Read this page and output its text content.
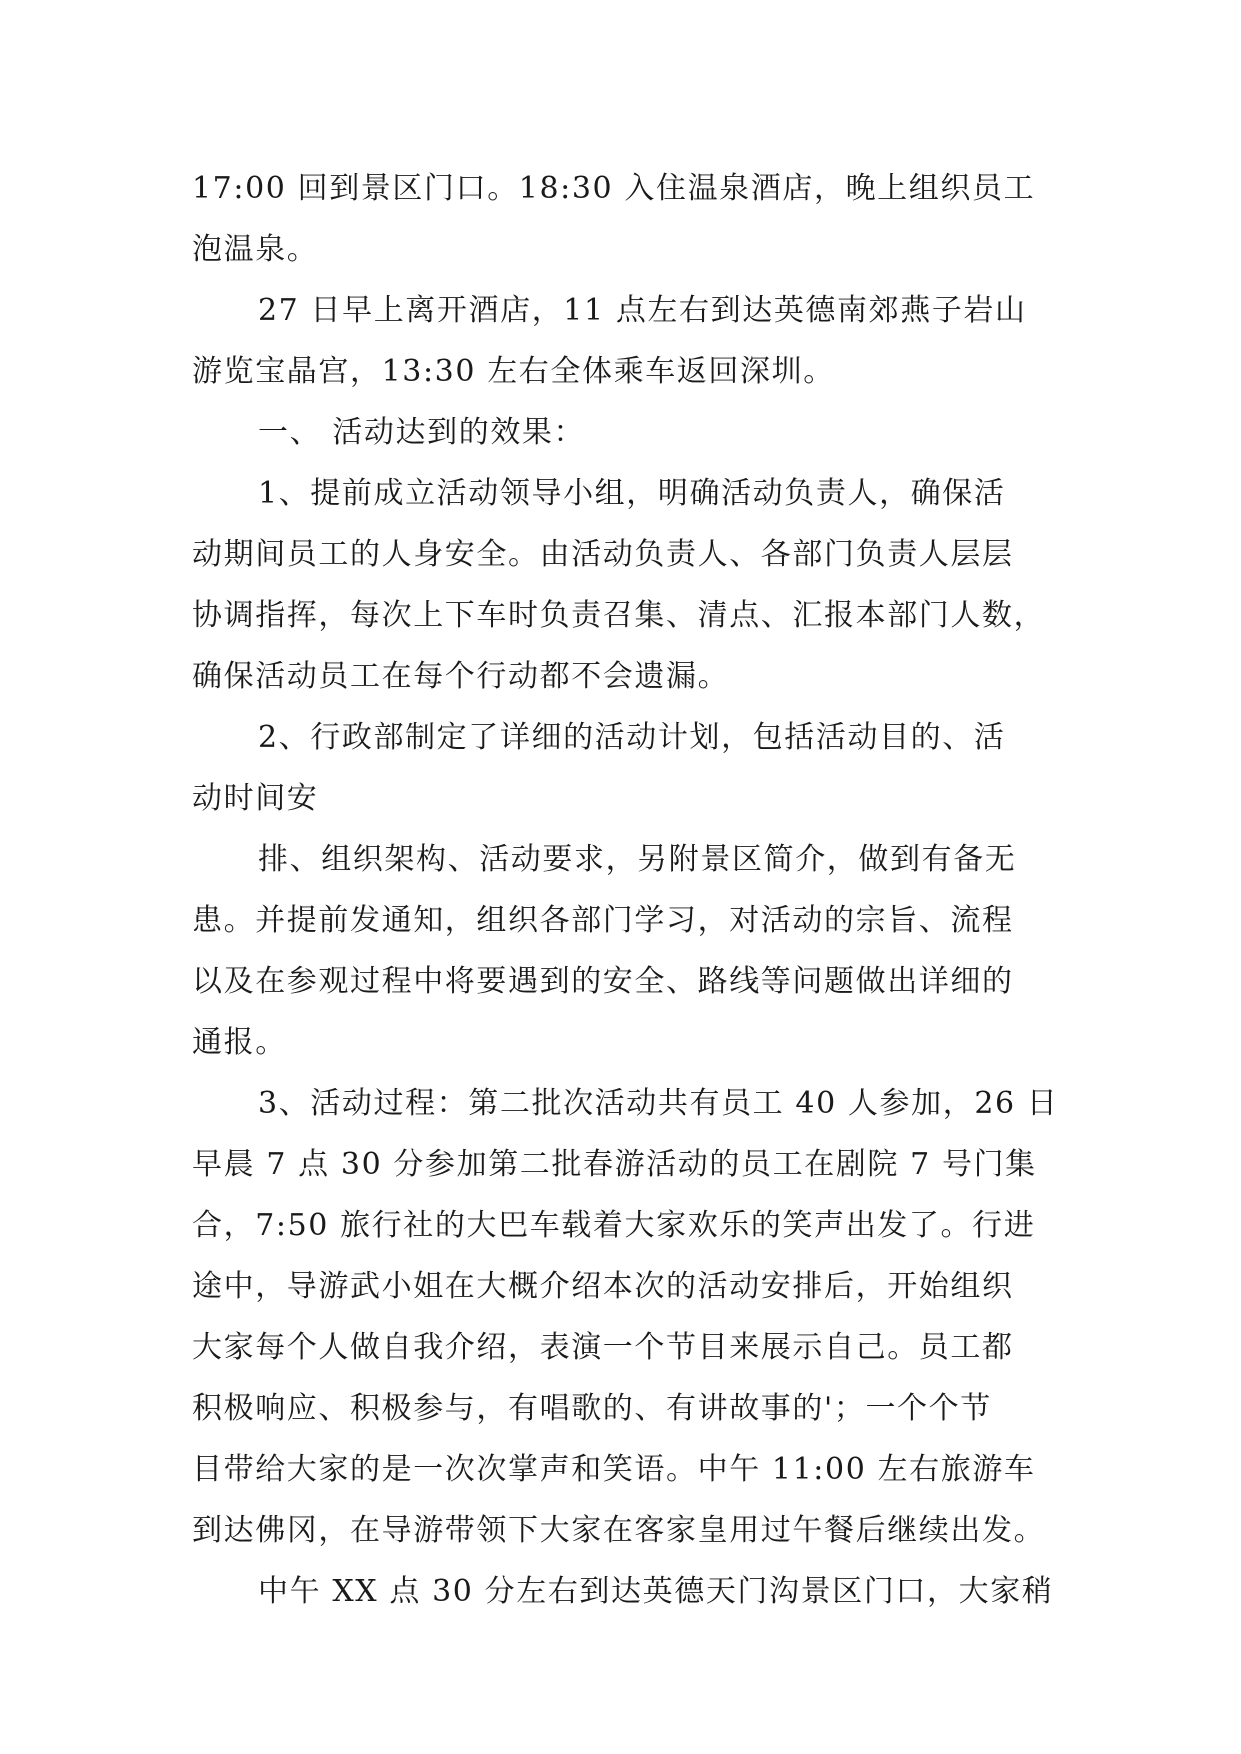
17:00 回到景区门口。18:30 入住温泉酒店，晚上组织员工
泡温泉。
27 日早上离开酒店，11 点左右到达英德南郊燕子岩山
游览宝晶宫，13:30 左右全体乘车返回深圳。
一、 活动达到的效果：
1、提前成立活动领导小组，明确活动负责人，确保活
动期间员工的人身安全。由活动负责人、各部门负责人层层
协调指挥，每次上下车时负责召集、清点、汇报本部门人数，
确保活动员工在每个行动都不会遗漏。
2、行政部制定了详细的活动计划，包括活动目的、活
动时间安
排、组织架构、活动要求，另附景区简介，做到有备无
患。并提前发通知，组织各部门学习，对活动的宗旨、流程
以及在参观过程中将要遇到的安全、路线等问题做出详细的
通报。
3、活动过程：第二批次活动共有员工 40 人参加，26 日
早晨 7 点 30 分参加第二批春游活动的员工在剧院 7 号门集
合，7:50 旅行社的大巴车载着大家欢乐的笑声出发了。行进
途中，导游武小姐在大概介绍本次的活动安排后，开始组织
大家每个人做自我介绍，表演一个节目来展示自己。员工都
积极响应、积极参与，有唱歌的、有讲故事的'；一个个节
目带给大家的是一次次掌声和笑语。中午 11:00 左右旅游车
到达佛冈，在导游带领下大家在客家皇用过午餐后继续出发。
中午 XX 点 30 分左右到达英德天门沟景区门口，大家稍
